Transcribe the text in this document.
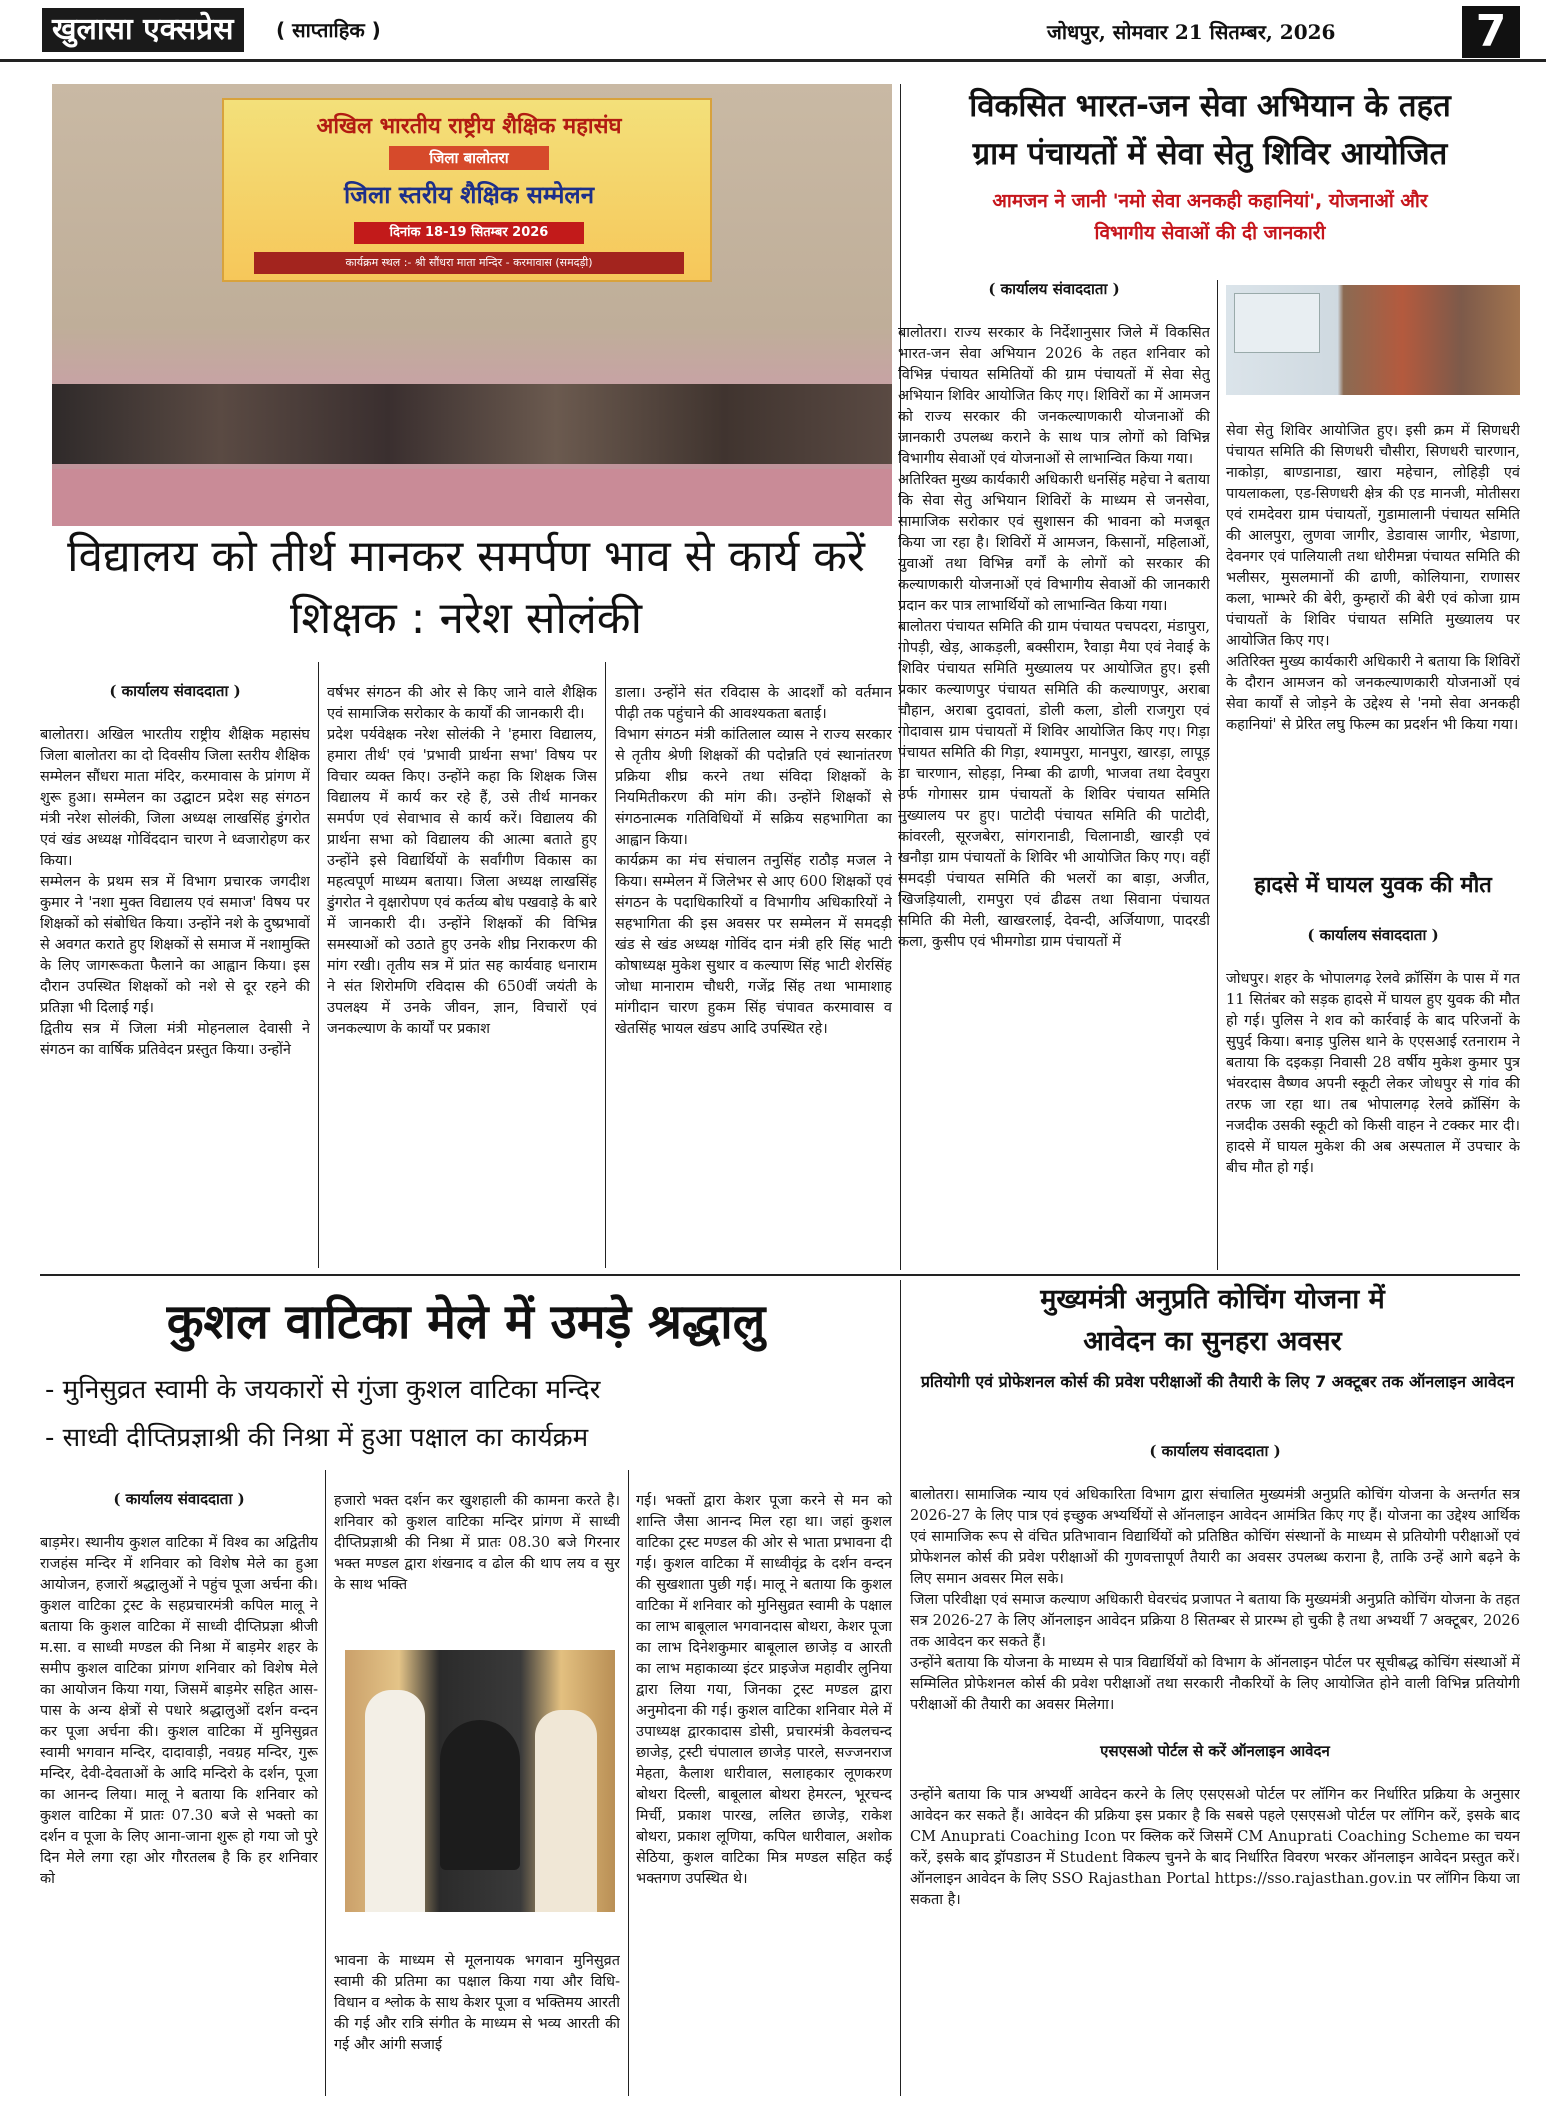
खुलासा एक्सप्रेस	( साप्ताहिक )	जोधपुर, सोमवार 21 सितम्बर, 2026	7
अखिल भारतीय राष्ट्रीय शैक्षिक महासंघ
जिला बालोतरा
जिला स्तरीय शैक्षिक सम्मेलन
दिनांक 18-19 सितम्बर 2026
कार्यक्रम स्थल :- श्री सौंधरा माता मन्दिर - करमावास (समदड़ी)
विद्यालय को तीर्थ मानकर समर्पण भाव से कार्य करें
शिक्षक : नरेश सोलंकी

( कार्यालय संवाददाता )

बालोतरा। अखिल भारतीय राष्ट्रीय शैक्षिक महासंघ जिला बालोतरा का दो दिवसीय जिला स्तरीय शैक्षिक सम्मेलन सौंधरा माता मंदिर, करमावास के प्रांगण में शुरू हुआ। सम्मेलन का उद्घाटन प्रदेश सह संगठन मंत्री नरेश सोलंकी, जिला अध्यक्ष लाखसिंह डुंगरोत एवं खंड अध्यक्ष गोविंददान चारण ने ध्वजारोहण कर किया।
सम्मेलन के प्रथम सत्र में विभाग प्रचारक जगदीश कुमार ने 'नशा मुक्त विद्यालय एवं समाज' विषय पर शिक्षकों को संबोधित किया। उन्होंने नशे के दुष्प्रभावों से अवगत कराते हुए शिक्षकों से समाज में नशामुक्ति के लिए जागरूकता फैलाने का आह्वान किया। इस दौरान उपस्थित शिक्षकों को नशे से दूर रहने की प्रतिज्ञा भी दिलाई गई।
द्वितीय सत्र में जिला मंत्री मोहनलाल देवासी ने संगठन का वार्षिक प्रतिवेदन प्रस्तुत किया। उन्होंने

वर्षभर संगठन की ओर से किए जाने वाले शैक्षिक एवं सामाजिक सरोकार के कार्यों की जानकारी दी।
प्रदेश पर्यवेक्षक नरेश सोलंकी ने 'हमारा विद्यालय, हमारा तीर्थ' एवं 'प्रभावी प्रार्थना सभा' विषय पर विचार व्यक्त किए। उन्होंने कहा कि शिक्षक जिस विद्यालय में कार्य कर रहे हैं, उसे तीर्थ मानकर समर्पण एवं सेवाभाव से कार्य करें। विद्यालय की प्रार्थना सभा को विद्यालय की आत्मा बताते हुए उन्होंने इसे विद्यार्थियों के सर्वांगीण विकास का महत्वपूर्ण माध्यम बताया। जिला अध्यक्ष लाखसिंह डुंगरोत ने वृक्षारोपण एवं कर्तव्य बोध पखवाड़े के बारे में जानकारी दी। उन्होंने शिक्षकों की विभिन्न समस्याओं को उठाते हुए उनके शीघ्र निराकरण की मांग रखी। तृतीय सत्र में प्रांत सह कार्यवाह धनाराम ने संत शिरोमणि रविदास की 650वीं जयंती के उपलक्ष्य में उनके जीवन, ज्ञान, विचारों एवं जनकल्याण के कार्यों पर प्रकाश

डाला। उन्होंने संत रविदास के आदर्शों को वर्तमान पीढ़ी तक पहुंचाने की आवश्यकता बताई।
विभाग संगठन मंत्री कांतिलाल व्यास ने राज्य सरकार से तृतीय श्रेणी शिक्षकों की पदोन्नति एवं स्थानांतरण प्रक्रिया शीघ्र करने तथा संविदा शिक्षकों के नियमितीकरण की मांग की। उन्होंने शिक्षकों से संगठनात्मक गतिविधियों में सक्रिय सहभागिता का आह्वान किया।
कार्यक्रम का मंच संचालन तनुसिंह राठौड़ मजल ने किया। सम्मेलन में जिलेभर से आए 600 शिक्षकों एवं संगठन के पदाधिकारियों व विभागीय अधिकारियों ने सहभागिता की इस अवसर पर सम्मेलन में समदड़ी खंड से खंड अध्यक्ष गोविंद दान मंत्री हरि सिंह भाटी कोषाध्यक्ष मुकेश सुथार व कल्याण सिंह भाटी शेरसिंह जोधा मानाराम चौधरी, गजेंद्र सिंह तथा भामाशाह मांगीदान चारण हुकम सिंह चंपावत करमावास व खेतसिंह भायल खंडप आदि उपस्थित रहे।

विकसित भारत-जन सेवा अभियान के तहत
ग्राम पंचायतों में सेवा सेतु शिविर आयोजित
आमजन ने जानी 'नमो सेवा अनकही कहानियां', योजनाओं और
विभागीय सेवाओं की दी जानकारी

( कार्यालय संवाददाता )

बालोतरा। राज्य सरकार के निर्देशानुसार जिले में विकसित भारत-जन सेवा अभियान 2026 के तहत शनिवार को विभिन्न पंचायत समितियों की ग्राम पंचायतों में सेवा सेतु अभियान शिविर आयोजित किए गए। शिविरों का में आमजन को राज्य सरकार की जनकल्याणकारी योजनाओं की जानकारी उपलब्ध कराने के साथ पात्र लोगों को विभिन्न विभागीय सेवाओं एवं योजनाओं से लाभान्वित किया गया।
अतिरिक्त मुख्य कार्यकारी अधिकारी धनसिंह महेचा ने बताया कि सेवा सेतु अभियान शिविरों के माध्यम से जनसेवा, सामाजिक सरोकार एवं सुशासन की भावना को मजबूत किया जा रहा है। शिविरों में आमजन, किसानों, महिलाओं, युवाओं तथा विभिन्न वर्गों के लोगों को सरकार की कल्याणकारी योजनाओं एवं विभागीय सेवाओं की जानकारी प्रदान कर पात्र लाभार्थियों को लाभान्वित किया गया।
बालोतरा पंचायत समिति की ग्राम पंचायत पचपदरा, मंडापुरा, गोपड़ी, खेड़, आकड़ली, बक्सीराम, रैवाड़ा मैया एवं नेवाई के शिविर पंचायत समिति मुख्यालय पर आयोजित हुए। इसी प्रकार कल्याणपुर पंचायत समिति की कल्याणपुर, अराबा चौहान, अराबा दुदावतां, डोली कला, डोली राजगुरा एवं गोदावास ग्राम पंचायतों में शिविर आयोजित किए गए। गिड़ा पंचायत समिति की गिड़ा, श्यामपुरा, मानपुरा, खारड़ा, लापूड़ डा चारणान, सोहड़ा, निम्बा की ढाणी, भाजवा तथा देवपुरा उर्फ गोगासर ग्राम पंचायतों के शिविर पंचायत समिति मुख्यालय पर हुए। पाटोदी पंचायत समिति की पाटोदी, कांवरली, सूरजबेरा, सांगरानाडी, चिलानाडी, खारड़ी एवं खनौड़ा ग्राम पंचायतों के शिविर भी आयोजित किए गए। वहीं समदड़ी पंचायत समिति की भलरों का बाड़ा, अजीत, खिजड़ियाली, रामपुरा एवं ढीढस तथा सिवाना पंचायत समिति की मेली, खाखरलाई, देवन्दी, अर्जियाणा, पादरडी कला, कुसीप एवं भीमगोडा ग्राम पंचायतों में

सेवा सेतु शिविर आयोजित हुए। इसी क्रम में सिणधरी पंचायत समिति की सिणधरी चौसीरा, सिणधरी चारणान, नाकोड़ा, बाण्डानाडा, खारा महेचान, लोहिड़ी एवं पायलाकला, एड-सिणधरी क्षेत्र की एड मानजी, मोतीसरा एवं रामदेवरा ग्राम पंचायतों, गुडामालानी पंचायत समिति की आलपुरा, लुणवा जागीर, डेडावास जागीर, भेडाणा, देवनगर एवं पालियाली तथा धोरीमन्ना पंचायत समिति की भलीसर, मुसलमानों की ढाणी, कोलियाना, राणासर कला, भाम्भरे की बेरी, कुम्हारों की बेरी एवं कोजा ग्राम पंचायतों के शिविर पंचायत समिति मुख्यालय पर आयोजित किए गए।
अतिरिक्त मुख्य कार्यकारी अधिकारी ने बताया कि शिविरों के दौरान आमजन को जनकल्याणकारी योजनाओं एवं सेवा कार्यों से जोड़ने के उद्देश्य से 'नमो सेवा अनकही कहानियां' से प्रेरित लघु फिल्म का प्रदर्शन भी किया गया।

हादसे में घायल युवक की मौत

( कार्यालय संवाददाता )

जोधपुर। शहर के भोपालगढ़ रेलवे क्रॉसिंग के पास में गत 11 सितंबर को सड़क हादसे में घायल हुए युवक की मौत हो गई। पुलिस ने शव को कार्रवाई के बाद परिजनों के सुपुर्द किया। बनाड़ पुलिस थाने के एएसआई रतनाराम ने बताया कि दइकड़ा निवासी 28 वर्षीय मुकेश कुमार पुत्र भंवरदास वैष्णव अपनी स्कूटी लेकर जोधपुर से गांव की तरफ जा रहा था। तब भोपालगढ़ रेलवे क्रॉसिंग के नजदीक उसकी स्कूटी को किसी वाहन ने टक्कर मार दी। हादसे में घायल मुकेश की अब अस्पताल में उपचार के बीच मौत हो गई।

कुशल वाटिका मेले में उमड़े श्रद्धालु
- मुनिसुव्रत स्वामी के जयकारों से गुंजा कुशल वाटिका मन्दिर
- साध्वी दीप्तिप्रज्ञाश्री की निश्रा में हुआ पक्षाल का कार्यक्रम

( कार्यालय संवाददाता )

बाड़मेर। स्थानीय कुशल वाटिका में विश्व का अद्वितीय राजहंस मन्दिर में शनिवार को विशेष मेले का हुआ आयोजन, हजारों श्रद्धालुओं ने पहुंच पूजा अर्चना की। कुशल वाटिका ट्रस्ट के सहप्रचारमंत्री कपिल मालू ने बताया कि कुशल वाटिका में साध्वी दीप्तिप्रज्ञा श्रीजी म.सा. व साध्वी मण्डल की निश्रा में बाड़मेर शहर के समीप कुशल वाटिका प्रांगण शनिवार को विशेष मेले का आयोजन किया गया, जिसमें बाड़मेर सहित आस-पास के अन्य क्षेत्रों से पधारे श्रद्धालुओं दर्शन वन्दन कर पूजा अर्चना की। कुशल वाटिका में मुनिसुव्रत स्वामी भगवान मन्दिर, दादावाड़ी, नवग्रह मन्दिर, गुरू मन्दिर, देवी-देवताओं के आदि मन्दिरो के दर्शन, पूजा का आनन्द लिया। मालू ने बताया कि शनिवार को कुशल वाटिका में प्रातः 07.30 बजे से भक्तो का दर्शन व पूजा के लिए आना-जाना शुरू हो गया जो पुरे दिन मेले लगा रहा ओर गौरतलब है कि हर शनिवार को

हजारो भक्त दर्शन कर खुशहाली की कामना करते है। शनिवार को कुशल वाटिका मन्दिर प्रांगण में साध्वी दीप्तिप्रज्ञाश्री की निश्रा में प्रातः 08.30 बजे गिरनार भक्त मण्डल द्वारा शंखनाद व ढोल की थाप लय व सुर के साथ भक्ति

भावना के माध्यम से मूलनायक भगवान मुनिसुव्रत स्वामी की प्रतिमा का पक्षाल किया गया और विधि-विधान व श्लोक के साथ केशर पूजा व भक्तिमय आरती की गई और रात्रि संगीत के माध्यम से भव्य आरती की गई और आंगी सजाई

गई। भक्तों द्वारा केशर पूजा करने से मन को शान्ति जैसा आनन्द मिल रहा था। जहां कुशल वाटिका ट्रस्ट मण्डल की ओर से भाता प्रभावना दी गई। कुशल वाटिका में साध्वीवृंद्र के दर्शन वन्दन की सुखशाता पुछी गई। मालू ने बताया कि कुशल वाटिका में शनिवार को मुनिसुव्रत स्वामी के पक्षाल का लाभ बाबूलाल भगवानदास बोथरा, केशर पूजा का लाभ दिनेशकुमार बाबूलाल छाजेड़ व आरती का लाभ महाकाव्या इंटर प्राइजेज महावीर लुनिया द्वारा लिया गया, जिनका ट्रस्ट मण्डल द्वारा अनुमोदना की गई। कुशल वाटिका शनिवार मेले में उपाध्यक्ष द्वारकादास डोसी, प्रचारमंत्री केवलचन्द छाजेड़, ट्रस्टी चंपालाल छाजेड़ पारले, सज्जनराज मेहता, कैलाश धारीवाल, सलाहकार लूणकरण बोथरा दिल्ली, बाबूलाल बोथरा हेमरत्न, भूरचन्द मिर्ची, प्रकाश पारख, ललित छाजेड़, राकेश बोथरा, प्रकाश लूणिया, कपिल धारीवाल, अशोक सेठिया, कुशल वाटिका मित्र मण्डल सहित कई भक्तगण उपस्थित थे।

मुख्यमंत्री अनुप्रति कोचिंग योजना में
आवेदन का सुनहरा अवसर
प्रतियोगी एवं प्रोफेशनल कोर्स की प्रवेश परीक्षाओं की तैयारी के लिए 7 अक्टूबर तक ऑनलाइन आवेदन

( कार्यालय संवाददाता )

बालोतरा। सामाजिक न्याय एवं अधिकारिता विभाग द्वारा संचालित मुख्यमंत्री अनुप्रति कोचिंग योजना के अन्तर्गत सत्र 2026-27 के लिए पात्र एवं इच्छुक अभ्यर्थियों से ऑनलाइन आवेदन आमंत्रित किए गए हैं। योजना का उद्देश्य आर्थिक एवं सामाजिक रूप से वंचित प्रतिभावान विद्यार्थियों को प्रतिष्ठित कोचिंग संस्थानों के माध्यम से प्रतियोगी परीक्षाओं एवं प्रोफेशनल कोर्स की प्रवेश परीक्षाओं की गुणवत्तापूर्ण तैयारी का अवसर उपलब्ध कराना है, ताकि उन्हें आगे बढ़ने के लिए समान अवसर मिल सके।
जिला परिवीक्षा एवं समाज कल्याण अधिकारी घेवरचंद प्रजापत ने बताया कि मुख्यमंत्री अनुप्रति कोचिंग योजना के तहत सत्र 2026-27 के लिए ऑनलाइन आवेदन प्रक्रिया 8 सितम्बर से प्रारम्भ हो चुकी है तथा अभ्यर्थी 7 अक्टूबर, 2026 तक आवेदन कर सकते हैं।
उन्होंने बताया कि योजना के माध्यम से पात्र विद्यार्थियों को विभाग के ऑनलाइन पोर्टल पर सूचीबद्ध कोचिंग संस्थाओं में सम्मिलित प्रोफेशनल कोर्स की प्रवेश परीक्षाओं तथा सरकारी नौकरियों के लिए आयोजित होने वाली विभिन्न प्रतियोगी परीक्षाओं की तैयारी का अवसर मिलेगा।

एसएसओ पोर्टल से करें ऑनलाइन आवेदन

उन्होंने बताया कि पात्र अभ्यर्थी आवेदन करने के लिए एसएसओ पोर्टल पर लॉगिन कर निर्धारित प्रक्रिया के अनुसार आवेदन कर सकते हैं। आवेदन की प्रक्रिया इस प्रकार है कि सबसे पहले एसएसओ पोर्टल पर लॉगिन करें, इसके बाद CM Anuprati Coaching Icon पर क्लिक करें जिसमें CM Anuprati Coaching Scheme का चयन करें, इसके बाद ड्रॉपडाउन में Student विकल्प चुनने के बाद निर्धारित विवरण भरकर ऑनलाइन आवेदन प्रस्तुत करें। ऑनलाइन आवेदन के लिए SSO Rajasthan Portal https://sso.rajasthan.gov.in पर लॉगिन किया जा सकता है।
